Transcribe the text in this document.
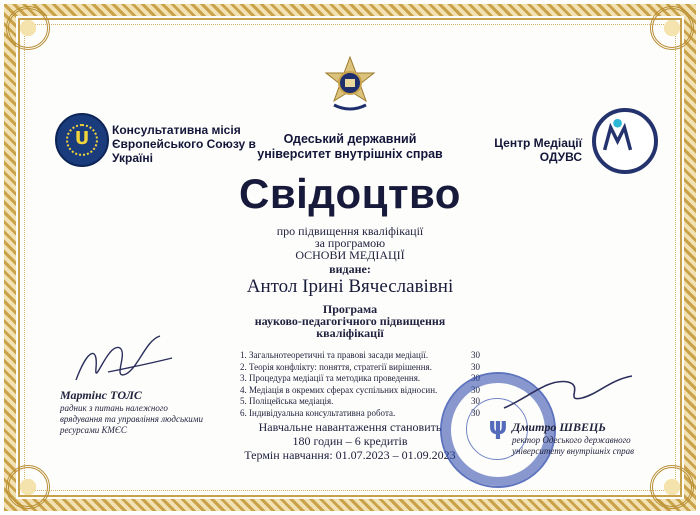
ᑌ	Консультативна місія Європейського Союзу в Україні
Одеський державний
університет внутрішніх справ
Центр Медіації
ОДУВС
Свідоцтво
про підвищення кваліфікації
за програмою
ОСНОВИ МЕДІАЦІЇ
видане:
Антол Ірині Вячеславівні
Програма
науково-педагогічного підвищення
кваліфікації
1. Загальнотеоретичні та правові засади медіації.	30
2. Теорія конфлікту: поняття, стратегії вирішення.	30
3. Процедура медіації та методика проведення.	30
4. Медіація в окремих сферах суспільних відносин.	30
5. Поліцейська медіація.	30
6. Індивідуальна консультативна робота.	30
Навчальне навантаження становить
180 годин – 6 кредитів
Термін навчання: 01.07.2023 – 01.09.2023
Мартінс ТОЛС
радник з питань належного врядування та управління людськими ресурсами КМЄС	ψ Дмитро ШВЕЦЬ
ректор Одеського державного університету внутрішніх справ
